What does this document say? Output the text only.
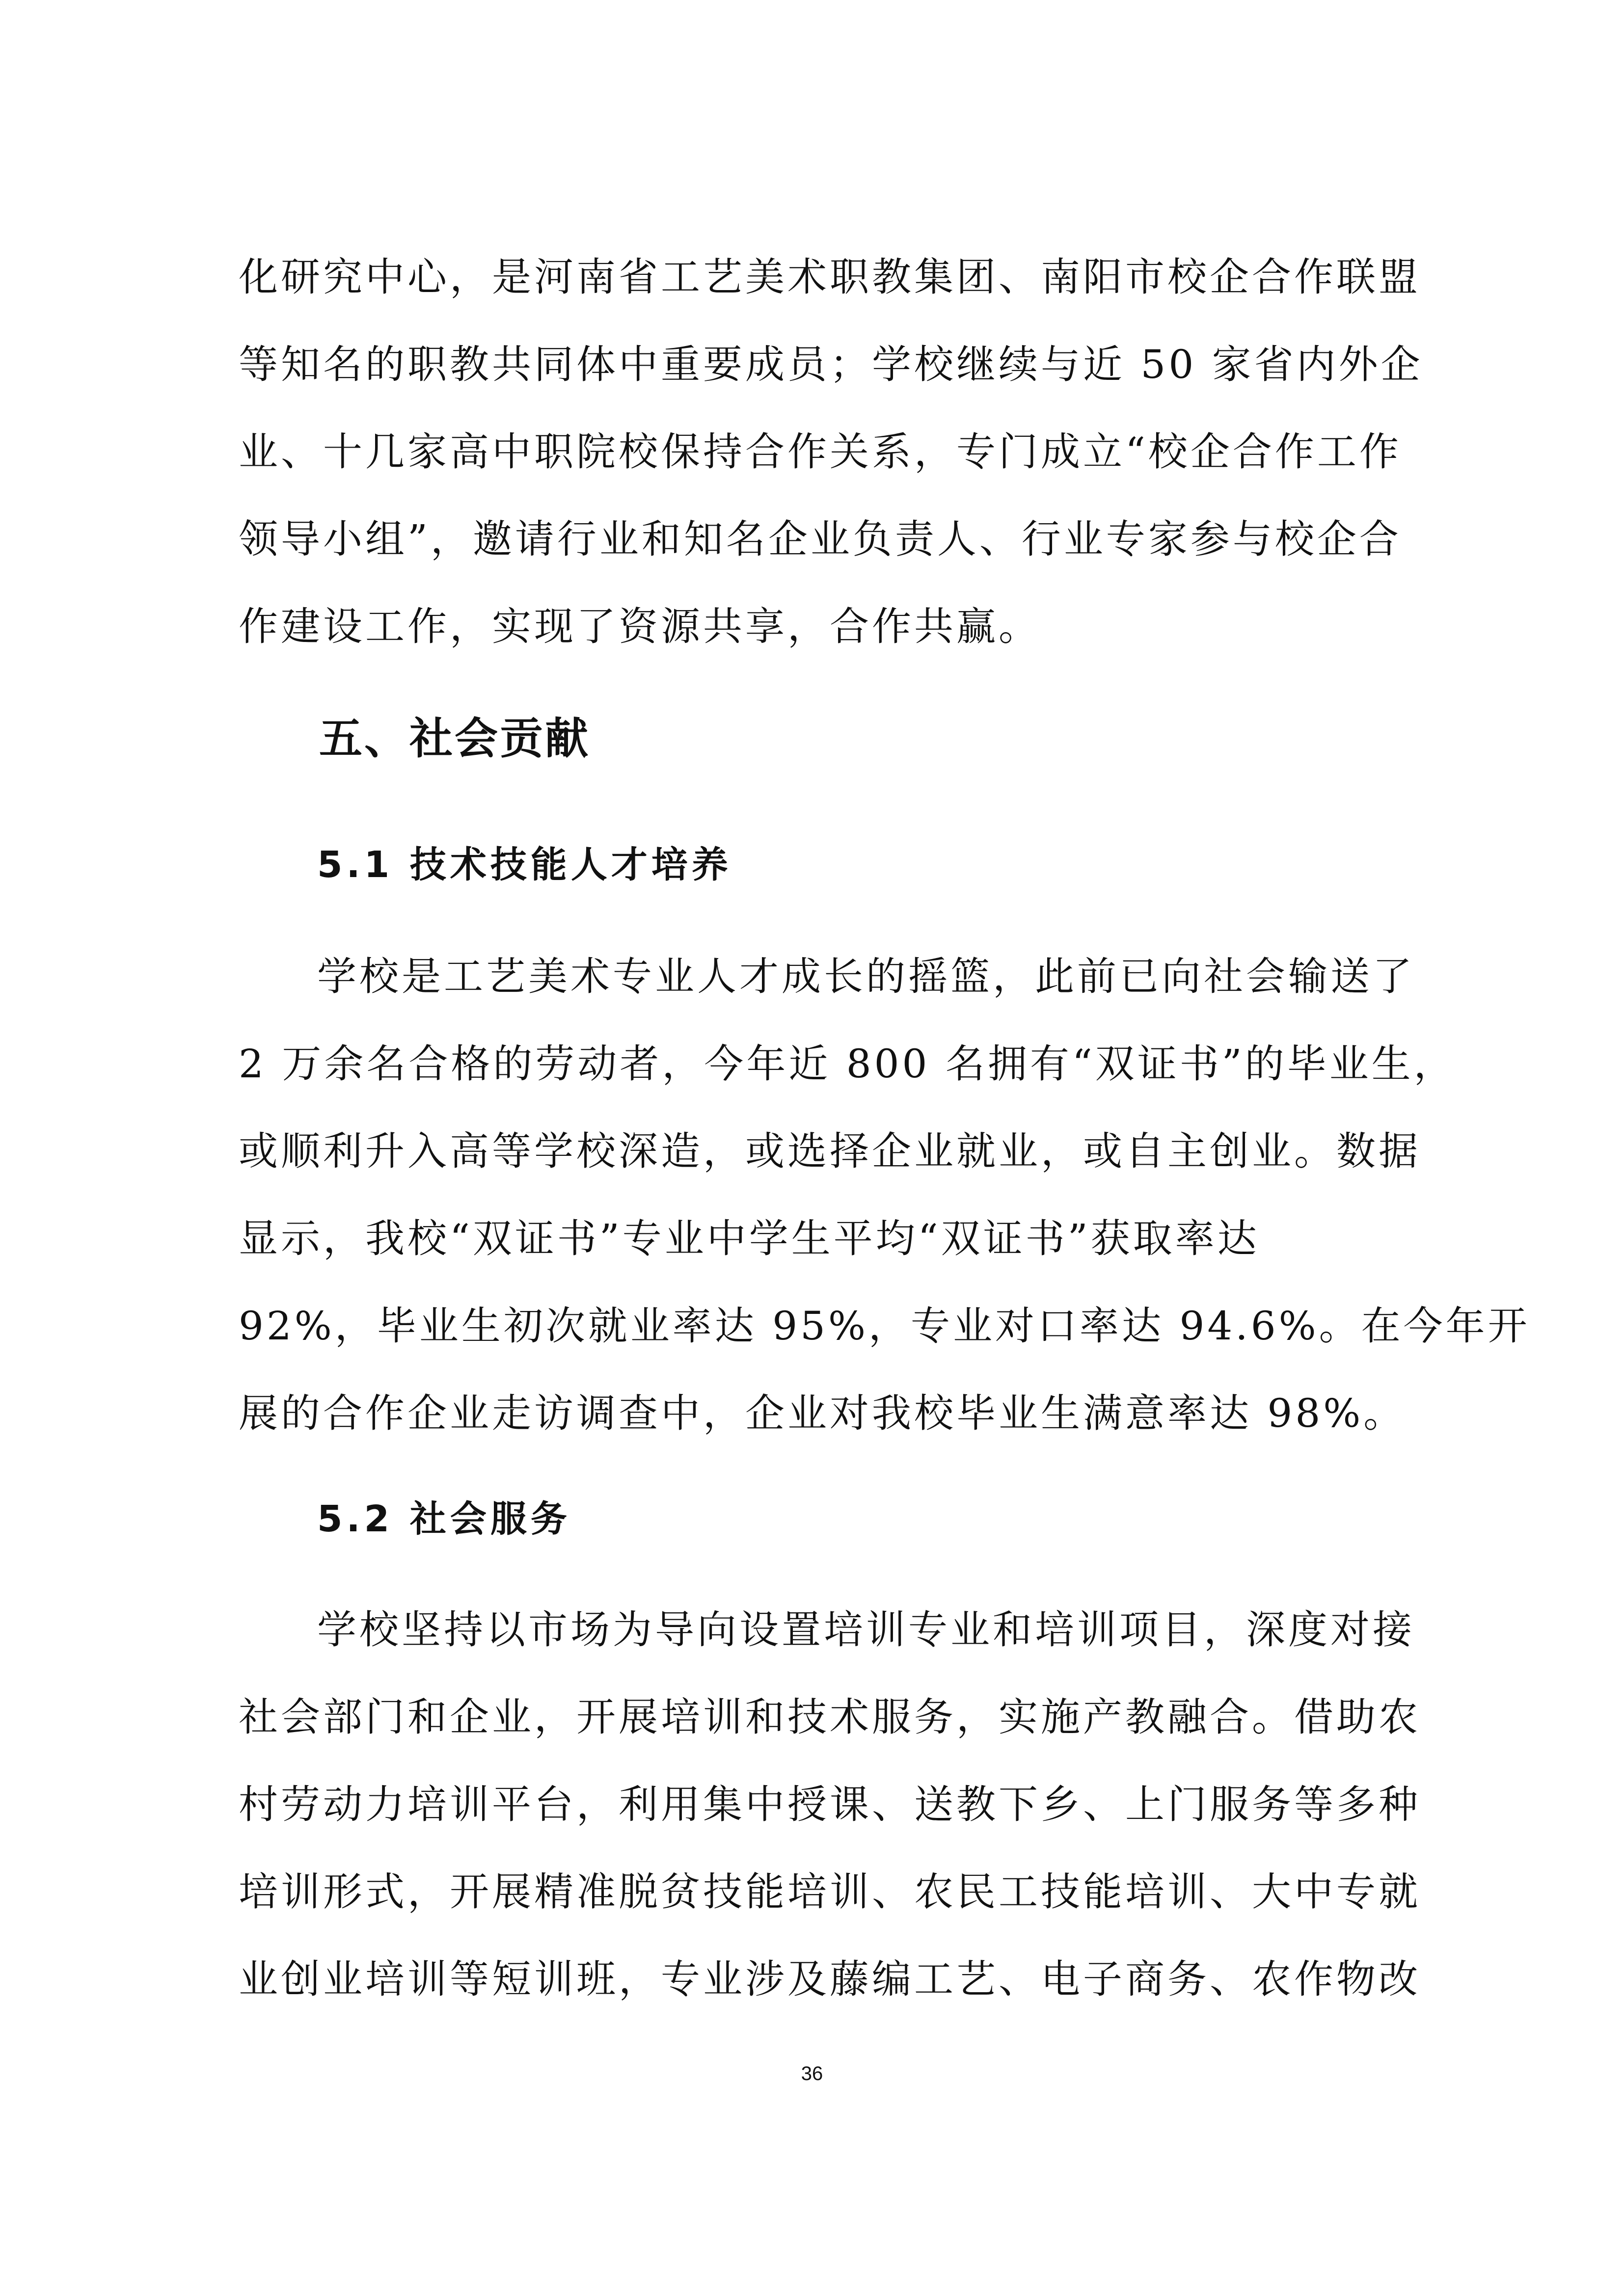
化研究中心，是河南省工艺美术职教集团、南阳市校企合作联盟
等知名的职教共同体中重要成员；学校继续与近 50 家省内外企
业、十几家高中职院校保持合作关系，专门成立“校企合作工作
领导小组”，邀请行业和知名企业负责人、行业专家参与校企合
作建设工作，实现了资源共享，合作共赢。
五、社会贡献
5.1 技术技能人才培养
学校是工艺美术专业人才成长的摇篮，此前已向社会输送了
2 万余名合格的劳动者，今年近 800 名拥有“双证书”的毕业生，
或顺利升入高等学校深造，或选择企业就业，或自主创业。数据
显示，我校“双证书”专业中学生平均“双证书”获取率达
92%，毕业生初次就业率达 95%，专业对口率达 94.6%。在今年开
展的合作企业走访调查中，企业对我校毕业生满意率达 98%。
5.2 社会服务
学校坚持以市场为导向设置培训专业和培训项目，深度对接
社会部门和企业，开展培训和技术服务，实施产教融合。借助农
村劳动力培训平台，利用集中授课、送教下乡、上门服务等多种
培训形式，开展精准脱贫技能培训、农民工技能培训、大中专就
业创业培训等短训班，专业涉及藤编工艺、电子商务、农作物改
36
